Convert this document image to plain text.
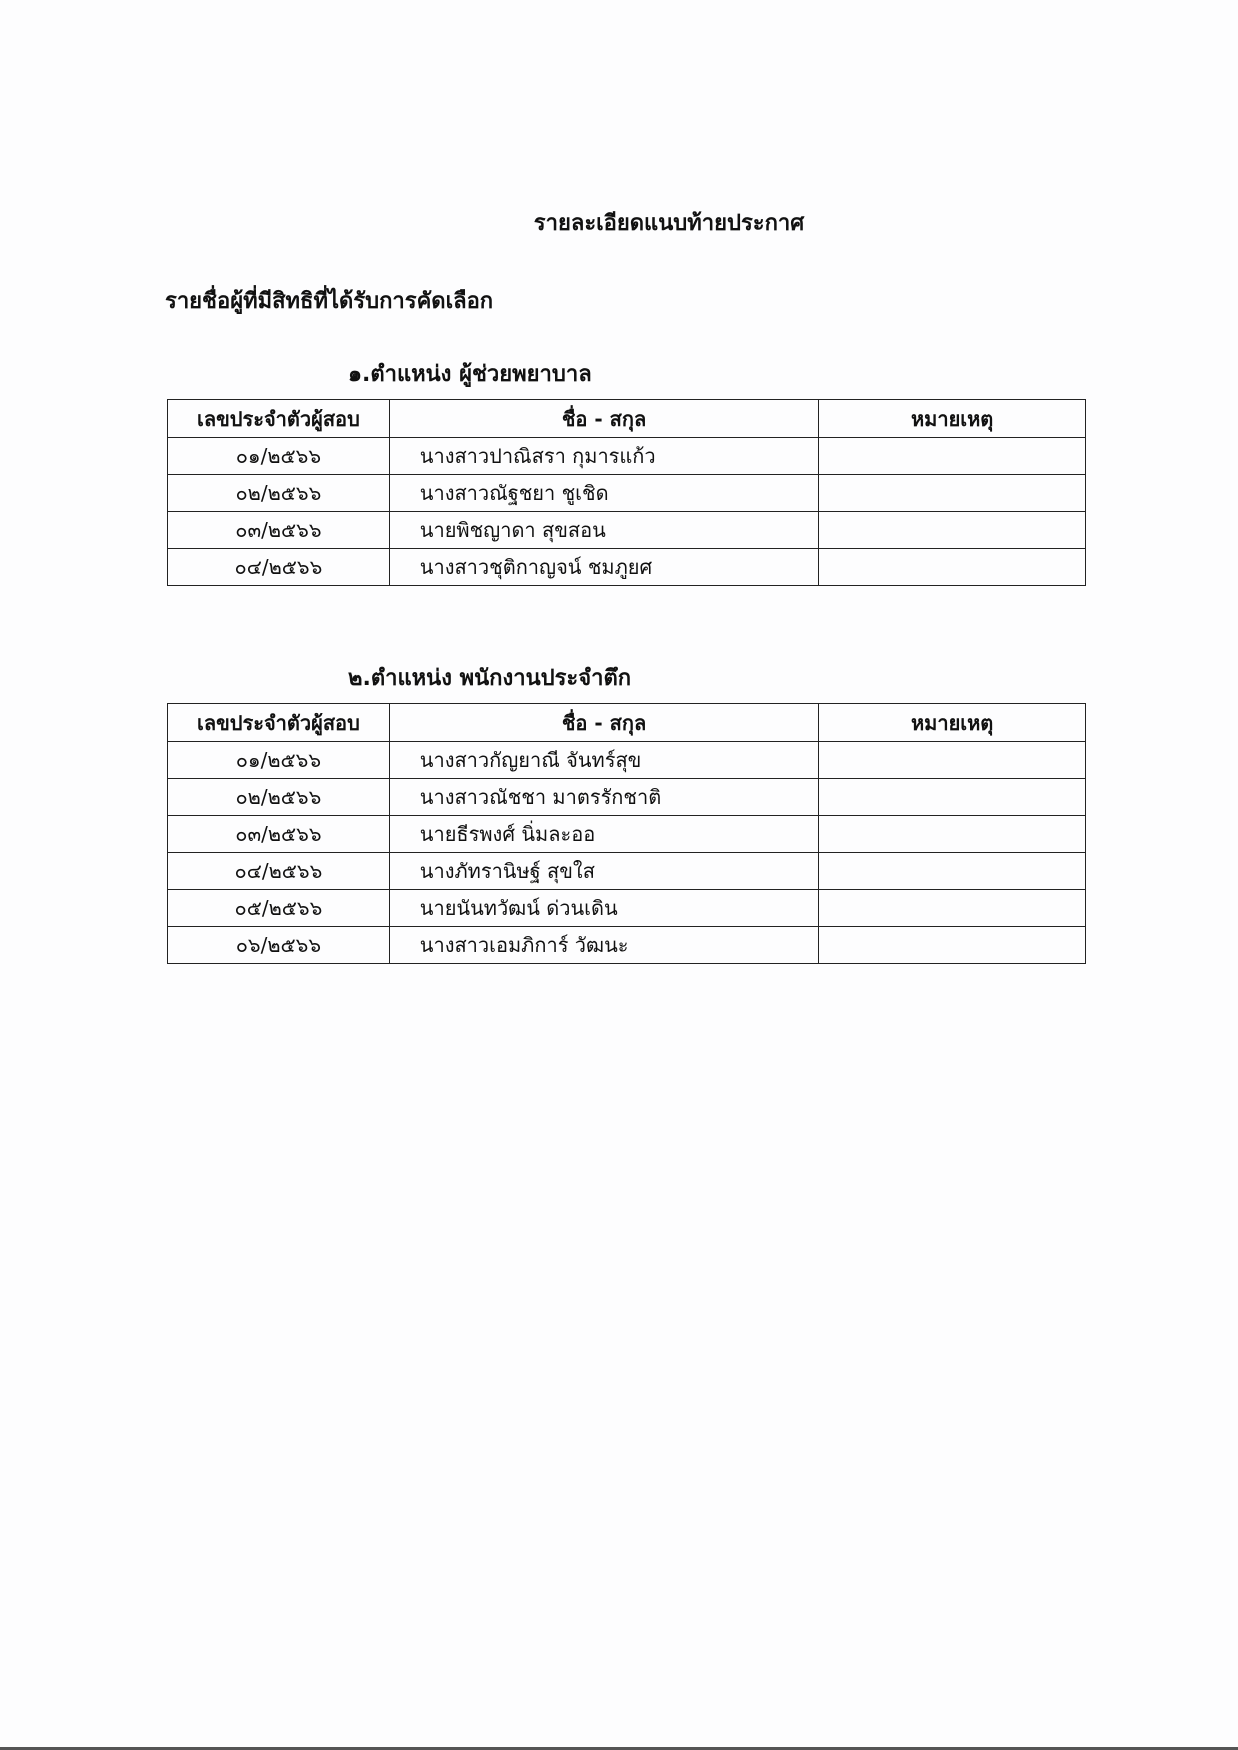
รายละเอียดแนบท้ายประกาศ
รายชื่อผู้ที่มีสิทธิที่ได้รับการคัดเลือก
๑.ตำแหน่ง ผู้ช่วยพยาบาล
เลขประจำตัวผู้สอบ	ชื่อ - สกุล	หมายเหตุ
๐๑/๒๕๖๖	นางสาวปาณิสรา กุมารแก้ว	
๐๒/๒๕๖๖	นางสาวณัฐชยา ชูเชิด	
๐๓/๒๕๖๖	นายพิชญาดา สุขสอน	
๐๔/๒๕๖๖	นางสาวชุติกาญจน์ ชมภูยศ	
๒.ตำแหน่ง พนักงานประจำตึก
เลขประจำตัวผู้สอบ	ชื่อ - สกุล	หมายเหตุ
๐๑/๒๕๖๖	นางสาวกัญยาณี จันทร์สุข	
๐๒/๒๕๖๖	นางสาวณัชชา มาตรรักชาติ	
๐๓/๒๕๖๖	นายธีรพงศ์ นิ่มละออ	
๐๔/๒๕๖๖	นางภัทรานิษฐ์ สุขใส	
๐๕/๒๕๖๖	นายนันทวัฒน์ ด่วนเดิน	
๐๖/๒๕๖๖	นางสาวเอมภิการ์ วัฒนะ	
